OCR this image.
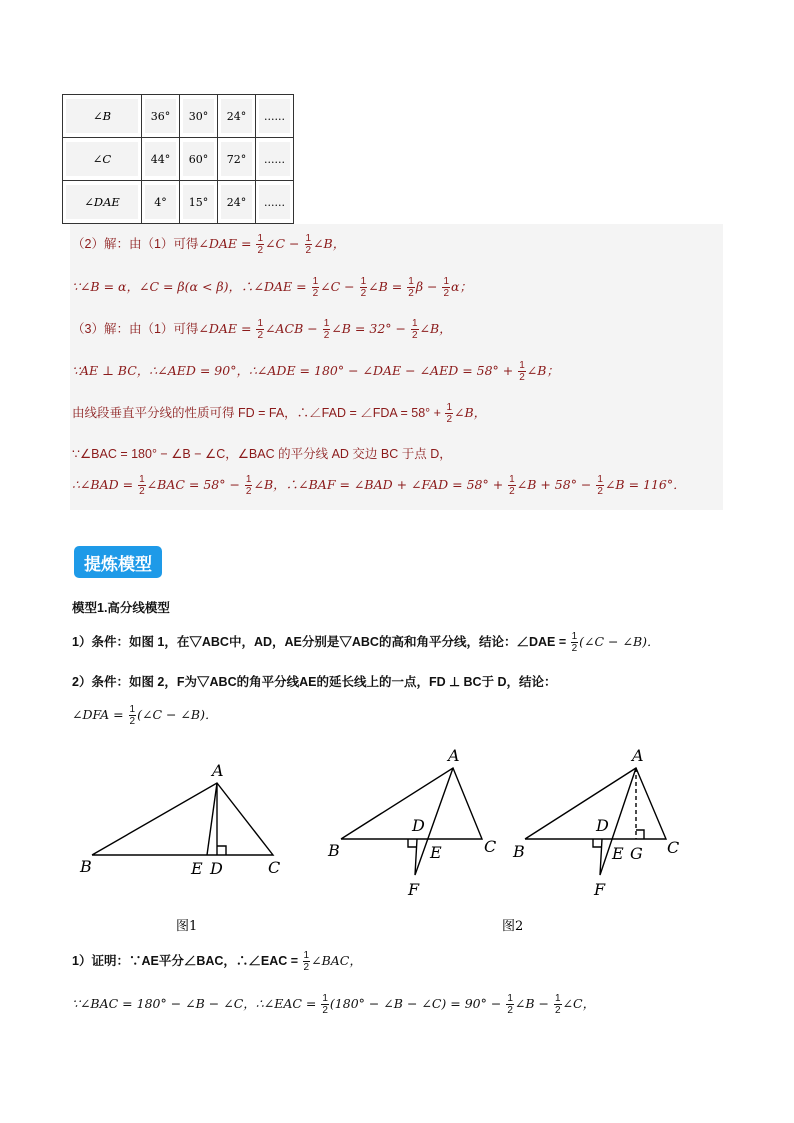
∠B	36°	30°	24°	......

∠C	44°	60°	72°	......

∠DAE	4°	15°	24°	......
（2）解：由（1）可得∠DAE = $\frac{1}{2}$ ∠C − $\frac{1}{2}$ ∠B，
∵∠B = α，∠C = β(α < β)，∴∠DAE = $\frac{1}{2}$ ∠C − $\frac{1}{2}$ ∠B = $\frac{1}{2}$ $\beta - \frac{1}{2}$ α；
（3）解：由（1）可得∠DAE = $\frac{1}{2}$ ∠ACB − $\frac{1}{2}$ ∠B = $32^\circ - \frac{1}{2}$ ∠B，
∵AE ⊥ BC，∴∠AED = 90°，∴∠ADE = 180° − ∠DAE − ∠AED = $58^\circ + \frac{1}{2}$ ∠B；
由线段垂直平分线的性质可得 FD = FA，∴∠FAD = ∠FDA = $58^\circ + \frac{1}{2}$ ∠B，
∵∠BAC = 180° − ∠B − ∠C，∠BAC 的平分线 AD 交边 BC 于点 D，
∴∠BAD = $\frac{1}{2}$ ∠BAC = $58^\circ - \frac{1}{2}$ ∠B，∴∠BAF = ∠BAD + ∠FAD = $58^\circ + \frac{1}{2}$ ∠B + $58^\circ - \frac{1}{2}$ ∠B = 116°．
提炼模型
模型1.高分线模型
1）条件：如图 1，在▽ABC中，AD，AE分别是▽ABC的高和角平分线，结论：∠DAE = $\frac{1}{2}$ (∠C − ∠B)．
2）条件：如图 2，F为▽ABC的角平分线AE的延长线上的一点，FD ⊥ BC于 D，结论：
∠DFA = $\frac{1}{2}$ (∠C − ∠B)．
A
B	C
D
E
图1
A
B	C
D
E
F
A
B	C
D
E G
F
图2
1）证明：∵AE平分∠BAC，∴∠EAC = $\frac{1}{2}$ ∠BAC，
∵∠BAC = 180° − ∠B − ∠C，∴∠EAC = $\frac{1}{2} (180^\circ$ − ∠B − ∠C) = $90^\circ - \frac{1}{2}$ ∠B − $\frac{1}{2}$ ∠C，
